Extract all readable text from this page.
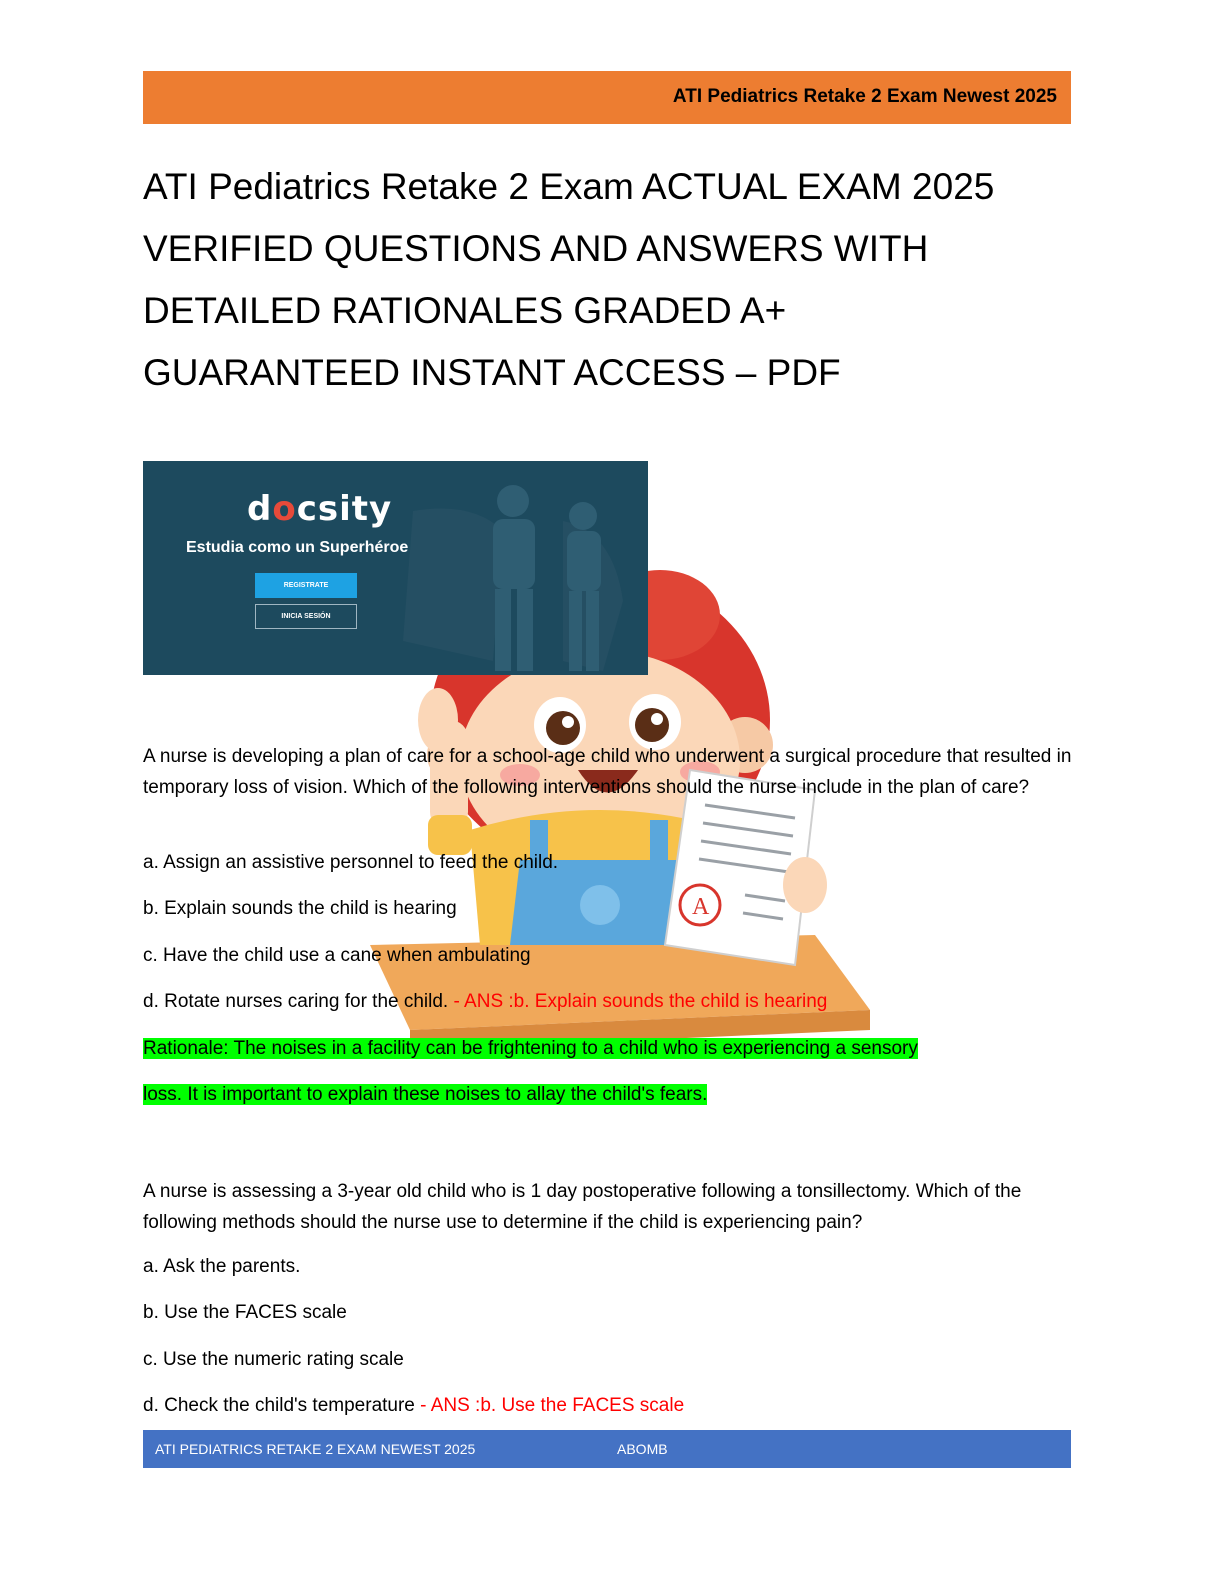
A
ATI Pediatrics Retake 2 Exam Newest 2025
ATI Pediatrics Retake 2 Exam ACTUAL EXAM 2025
VERIFIED QUESTIONS AND ANSWERS WITH
DETAILED RATIONALES GRADED A+
GUARANTEED INSTANT ACCESS – PDF
docsity
Estudia como un Superhéroe
REGISTRATE
INICIA SESIÓN
A nurse is developing a plan of care for a school-age child who underwent a surgical procedure that resulted in temporary loss of vision. Which of the following interventions should the nurse include in the plan of care?
a. Assign an assistive personnel to feed the child.
b. Explain sounds the child is hearing
c. Have the child use a cane when ambulating
d. Rotate nurses caring for the child. - ANS :b. Explain sounds the child is hearing
Rationale: The noises in a facility can be frightening to a child who is experiencing a sensory
loss. It is important to explain these noises to allay the child's fears.
A nurse is assessing a 3-year old child who is 1 day postoperative following a tonsillectomy. Which of the following methods should the nurse use to determine if the child is experiencing pain?
a. Ask the parents.
b. Use the FACES scale
c. Use the numeric rating scale
d. Check the child's temperature - ANS :b. Use the FACES scale
ATI PEDIATRICS RETAKE 2 EXAM NEWEST 2025	ABOMB
